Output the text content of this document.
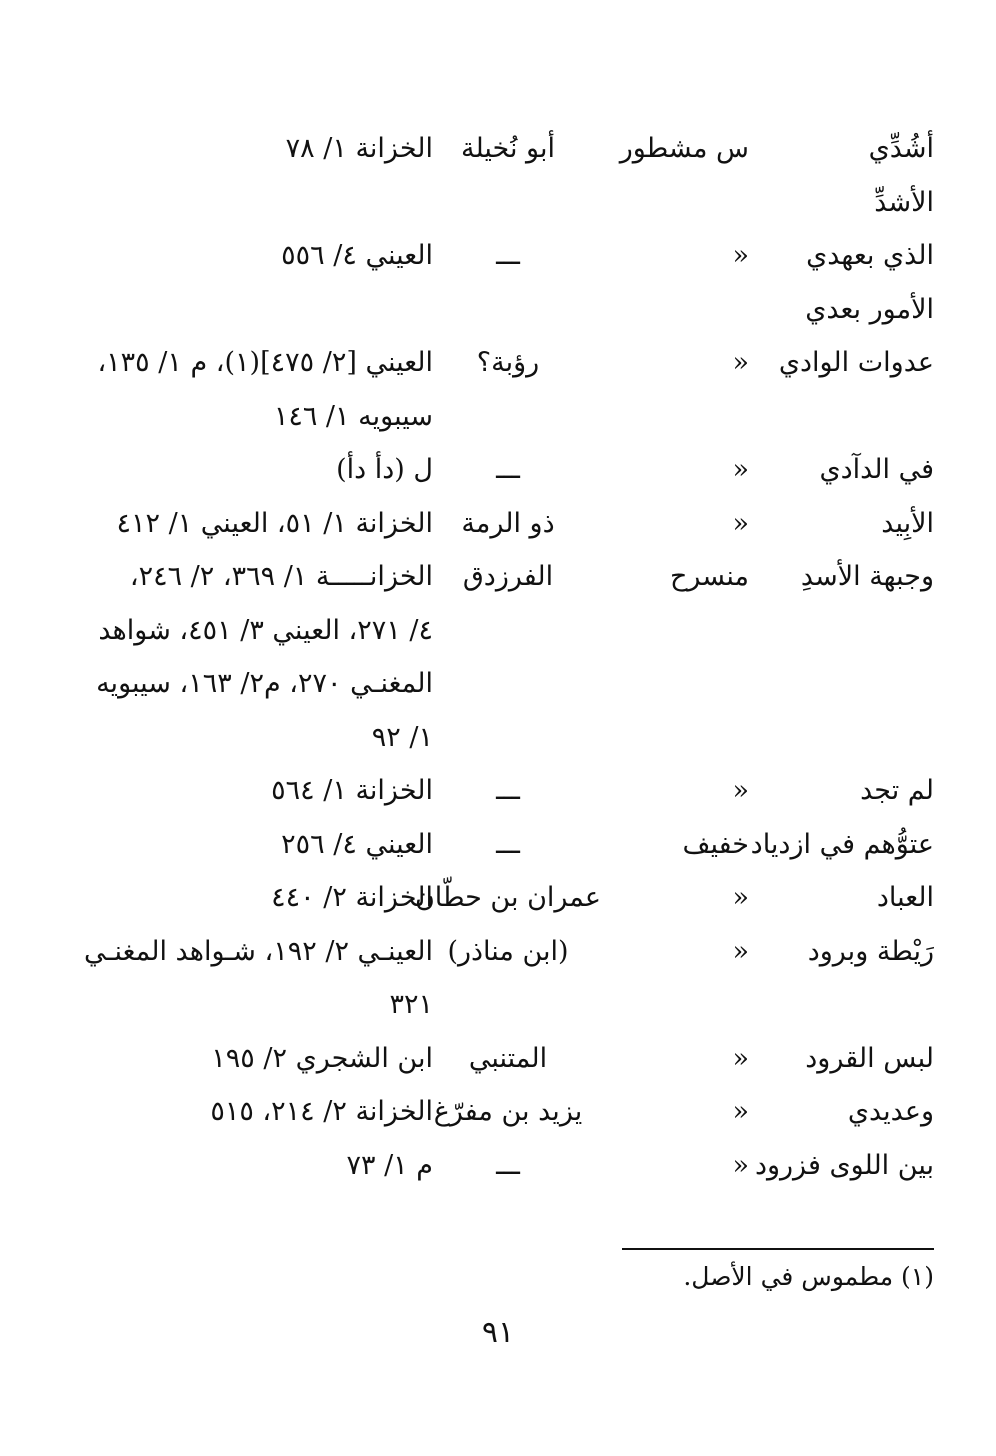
أشُدِّي
س مشطور
أبو نُخيلة
الخزانة ١/ ٧٨
الأشدِّ
الذي بعهدي
«
ـــ
العيني ٤/ ٥٥٦
الأمور بعدي
عدوات الوادي
«
رؤبة؟
العيني [٢/ ٤٧٥](١)، م ١/ ١٣٥،
سيبويه ١/ ١٤٦
في الدآدي
«
ـــ
ل (دأ دأ)
الأبِيد
«
ذو الرمة
الخزانة ١/ ٥١، العيني ١/ ٤١٢
وجبهة الأسدِ
منسرح
الفرزدق
الخزانـــــة ١/ ٣٦٩، ٢/ ٢٤٦،
٤/ ٢٧١، العيني ٣/ ٤٥١، شواهد
المغنـي ٢٧٠، م٢/ ١٦٣، سيبويه
١/ ٩٢
لم تجد
«
ـــ
الخزانة ١/ ٥٦٤
عتوُّهم في ازدياد
خفيف
ـــ
العيني ٤/ ٢٥٦
العباد
«
عمران بن حطّان
الخزانة ٢/ ٤٤٠
رَيْطة وبرود
«
(ابن مناذر)
العينـي ٢/ ١٩٢، شـواهد المغنـي
٣٢١
لبس القرود
«
المتنبي
ابن الشجري ٢/ ١٩٥
وعديدي
«
يزيد بن مفرّغ
الخزانة ٢/ ٢١٤، ٥١٥
بين اللوى فزرود
«
ـــ
م ١/ ٧٣
(١) مطموس في الأصل.
٩١
